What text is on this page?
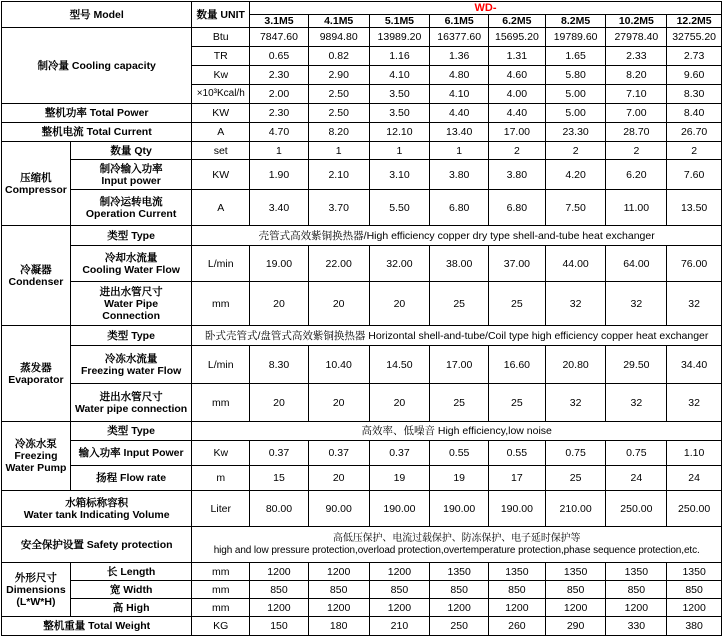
型号 Model		数量 UNIT	WD-							
			3.1M5	4.1M5	5.1M5	6.1M5	6.2M5	8.2M5	10.2M5	12.2M5
制冷量 Cooling capacity		Btu	7847.60	9894.80	13989.20	16377.60	15695.20	19789.60	27978.40	32755.20
		TR	0.65	0.82	1.16	1.36	1.31	1.65	2.33	2.73
		Kw	2.30	2.90	4.10	4.80	4.60	5.80	8.20	9.60
		×10³Kcal/h	2.00	2.50	3.50	4.10	4.00	5.00	7.10	8.30
整机功率 Total Power		KW	2.30	2.50	3.50	4.40	4.40	5.00	7.00	8.40
整机电流 Total Current		A	4.70	8.20	12.10	13.40	17.00	23.30	28.70	26.70
压缩机
Compressor	数量 Qty	set	1	1	1	1	2	2	2	2
	制冷输入功率
Input power	KW	1.90	2.10	3.10	3.80	3.80	4.20	6.20	7.60
	制冷运转电流
Operation Current	A	3.40	3.70	5.50	6.80	6.80	7.50	11.00	13.50
冷凝器
Condenser	类型 Type	壳管式高效紫铜换热器/High efficiency copper dry type shell-and-tube heat exchanger								
	冷却水流量
Cooling Water Flow	L/min	19.00	22.00	32.00	38.00	37.00	44.00	64.00	76.00
	进出水管尺寸
Water Pipe
Connection	mm	20	20	20	25	25	32	32	32
蒸发器
Evaporator	类型 Type	卧式壳管式/盘管式高效紫铜换热器 Horizontal shell-and-tube/Coil type high efficiency copper heat exchanger								
	冷冻水流量
Freezing water Flow	L/min	8.30	10.40	14.50	17.00	16.60	20.80	29.50	34.40
	进出水管尺寸
Water pipe connection	mm	20	20	20	25	25	32	32	32
冷冻水泵
Freezing
Water Pump	类型 Type	高效率、低噪音 High efficiency,low noise								
	输入功率 Input Power	Kw	0.37	0.37	0.37	0.55	0.55	0.75	0.75	1.10
	扬程 Flow rate	m	15	20	19	19	17	25	24	24
水箱标称容积
Water tank Indicating Volume		Liter	80.00	90.00	190.00	190.00	190.00	210.00	250.00	250.00
安全保护设置 Safety protection		高低压保护、电流过载保护、防冻保护、电子延时保护等
high and low pressure protection,overload protection,overtemperature protection,phase sequence protection,etc.								
外形尺寸
Dimensions
(L*W*H)	长 Length	mm	1200	1200	1200	1350	1350	1350	1350	1350
	宽 Width	mm	850	850	850	850	850	850	850	850
	高 High	mm	1200	1200	1200	1200	1200	1200	1200	1200
整机重量 Total Weight		KG	150	180	210	250	260	290	330	380
